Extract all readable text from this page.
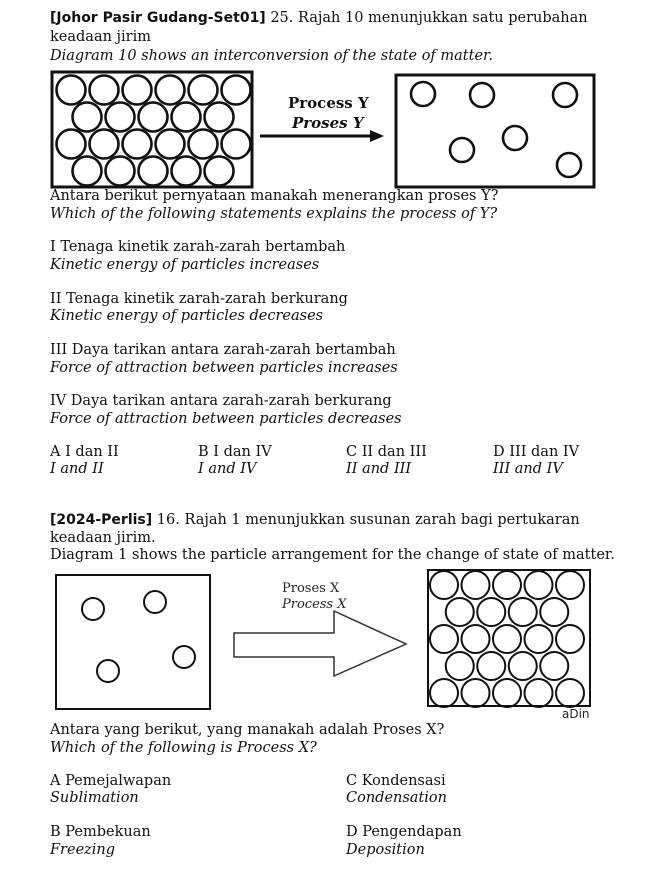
[Johor Pasir Gudang-Set01] 25. Rajah 10 menunjukkan satu perubahan
keadaan jirim
Diagram 10 shows an interconversion of the state of matter.
Process Y
Proses Y
Antara berikut pernyataan manakah menerangkan proses Y?
Which of the following statements explains the process of Y?
I Tenaga kinetik zarah-zarah bertambah
Kinetic energy of particles increases
II Tenaga kinetik zarah-zarah berkurang
Kinetic energy of particles decreases
III Daya tarikan antara zarah-zarah bertambah
Force of attraction between particles increases
IV Daya tarikan antara zarah-zarah berkurang
Force of attraction between particles decreases
A I dan II
I and II
B I dan IV
I and IV
C II dan III
II and III
D III dan IV
III and IV
[2024-Perlis] 16. Rajah 1 menunjukkan susunan zarah bagi pertukaran
keadaan jirim.
Diagram 1 shows the particle arrangement for the change of state of matter.
Proses X
Process X
aDin
Antara yang berikut, yang manakah adalah Proses X?
Which of the following is Process X?
A Pemejalwapan
Sublimation
C Kondensasi
Condensation
B Pembekuan
Freezing
D Pengendapan
Deposition
